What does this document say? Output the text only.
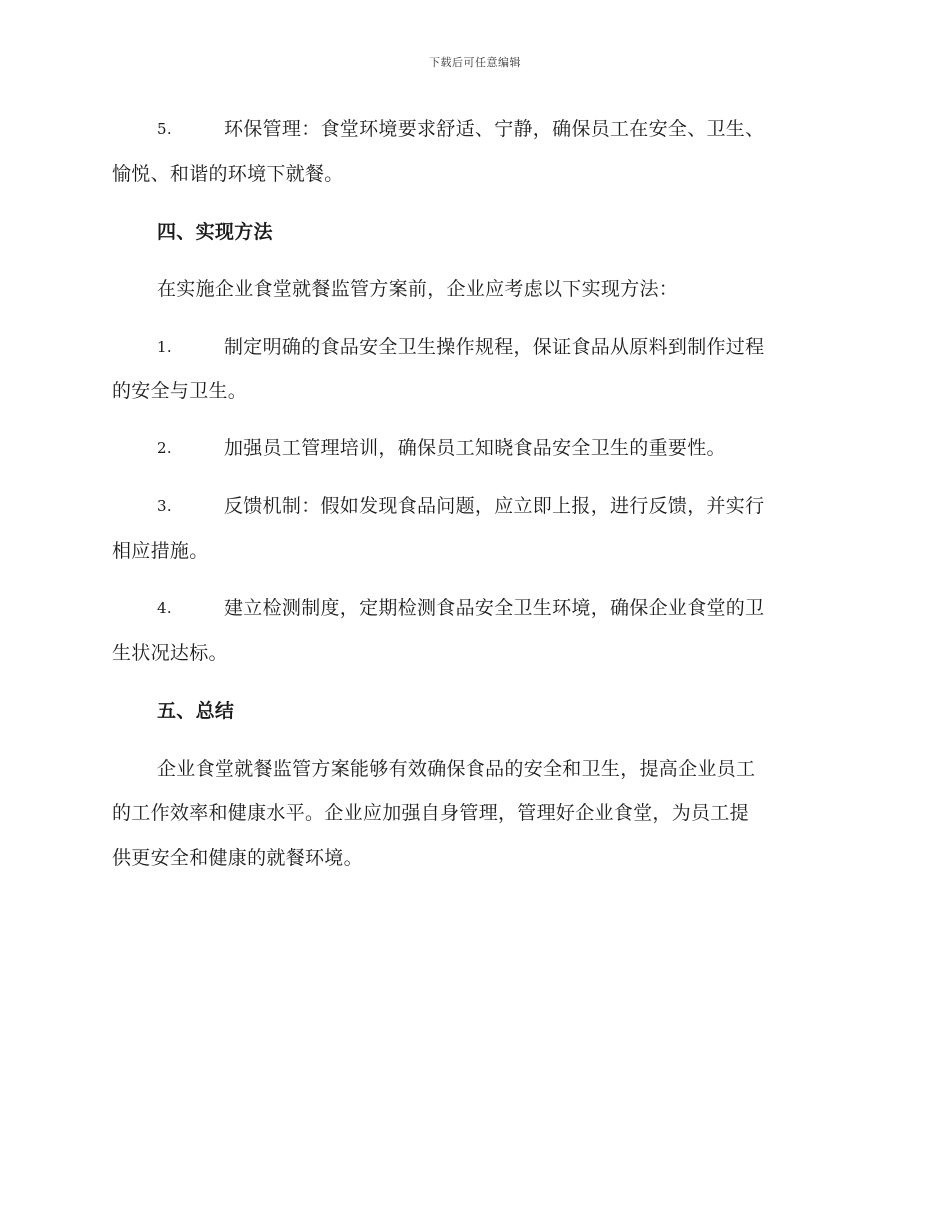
下载后可任意编辑
5.	环保管理：食堂环境要求舒适、宁静，确保员工在安全、卫生、
愉悦、和谐的环境下就餐。
四、实现方法
在实施企业食堂就餐监管方案前，企业应考虑以下实现方法：
1.	制定明确的食品安全卫生操作规程，保证食品从原料到制作过程
的安全与卫生。
2.	加强员工管理培训，确保员工知晓食品安全卫生的重要性。
3.	反馈机制：假如发现食品问题，应立即上报，进行反馈，并实行
相应措施。
4.	建立检测制度，定期检测食品安全卫生环境，确保企业食堂的卫
生状况达标。
五、总结
企业食堂就餐监管方案能够有效确保食品的安全和卫生，提高企业员工
的工作效率和健康水平。企业应加强自身管理，管理好企业食堂，为员工提
供更安全和健康的就餐环境。
